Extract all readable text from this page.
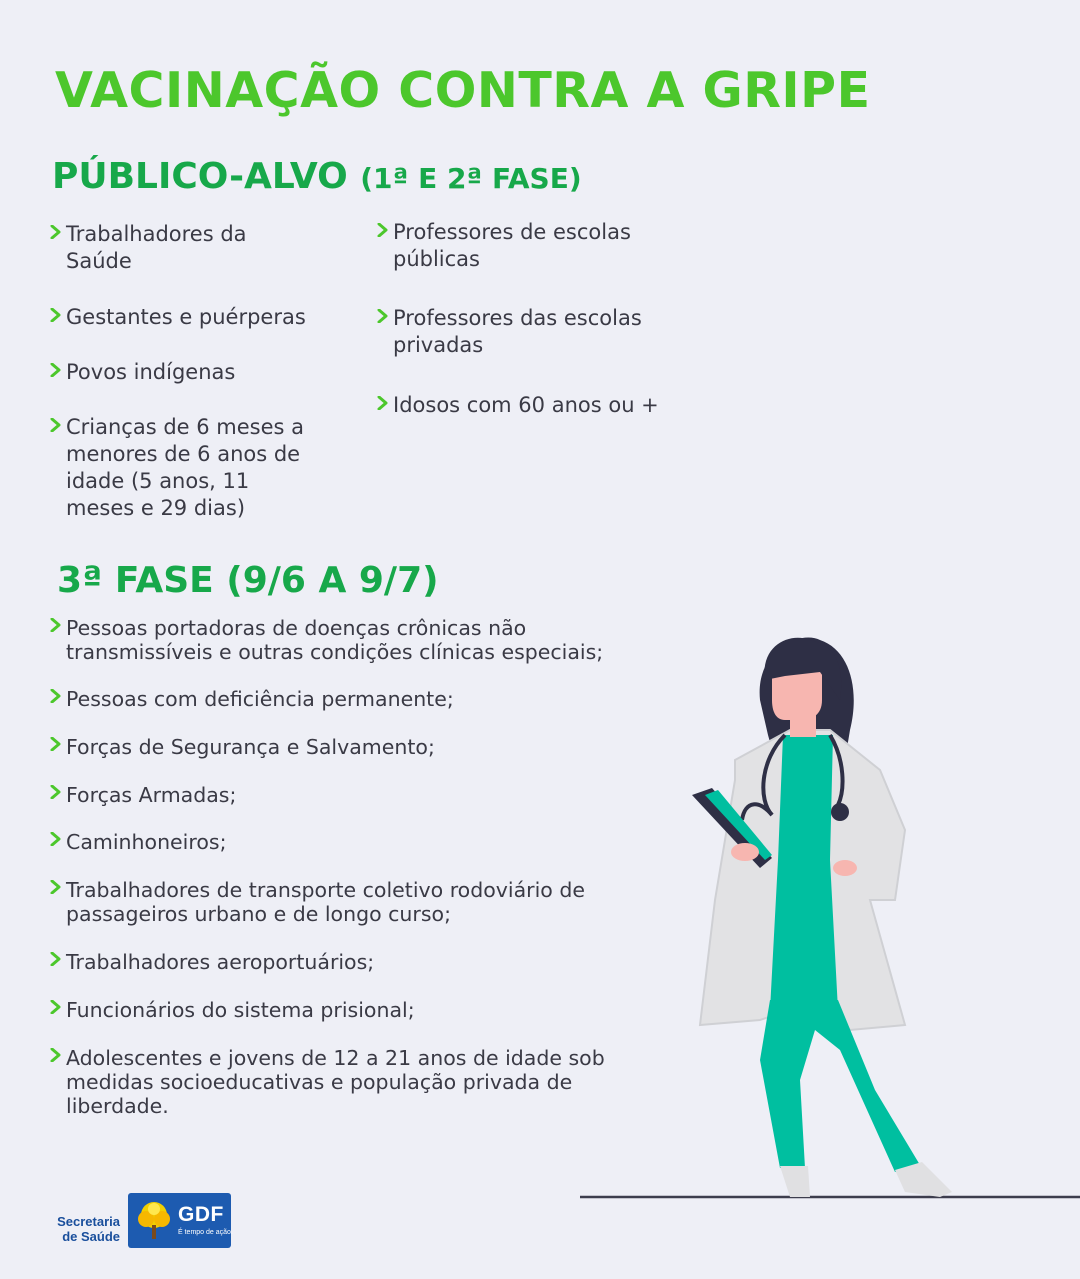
VACINAÇÃO CONTRA A GRIPE
PÚBLICO-ALVO (1ª E 2ª FASE)
Trabalhadores da Saúde
Gestantes e puérperas
Povos indígenas
Crianças de 6 meses a menores de 6 anos de idade (5 anos, 11 meses e 29 dias)
Professores de escolas públicas
Professores das escolas privadas
Idosos com 60 anos ou +
3ª FASE (9/6 A 9/7)
Pessoas portadoras de doenças crônicas não transmissíveis e outras condições clínicas especiais;
Pessoas com deficiência permanente;
Forças de Segurança e Salvamento;
Forças Armadas;
Caminhoneiros;
Trabalhadores de transporte coletivo rodoviário de passageiros urbano e de longo curso;
Trabalhadores aeroportuários;
Funcionários do sistema prisional;
Adolescentes e jovens de 12 a 21 anos de idade sob medidas socioeducativas e população privada de liberdade.
Secretaria de Saúde
GDF
É tempo de ação.
